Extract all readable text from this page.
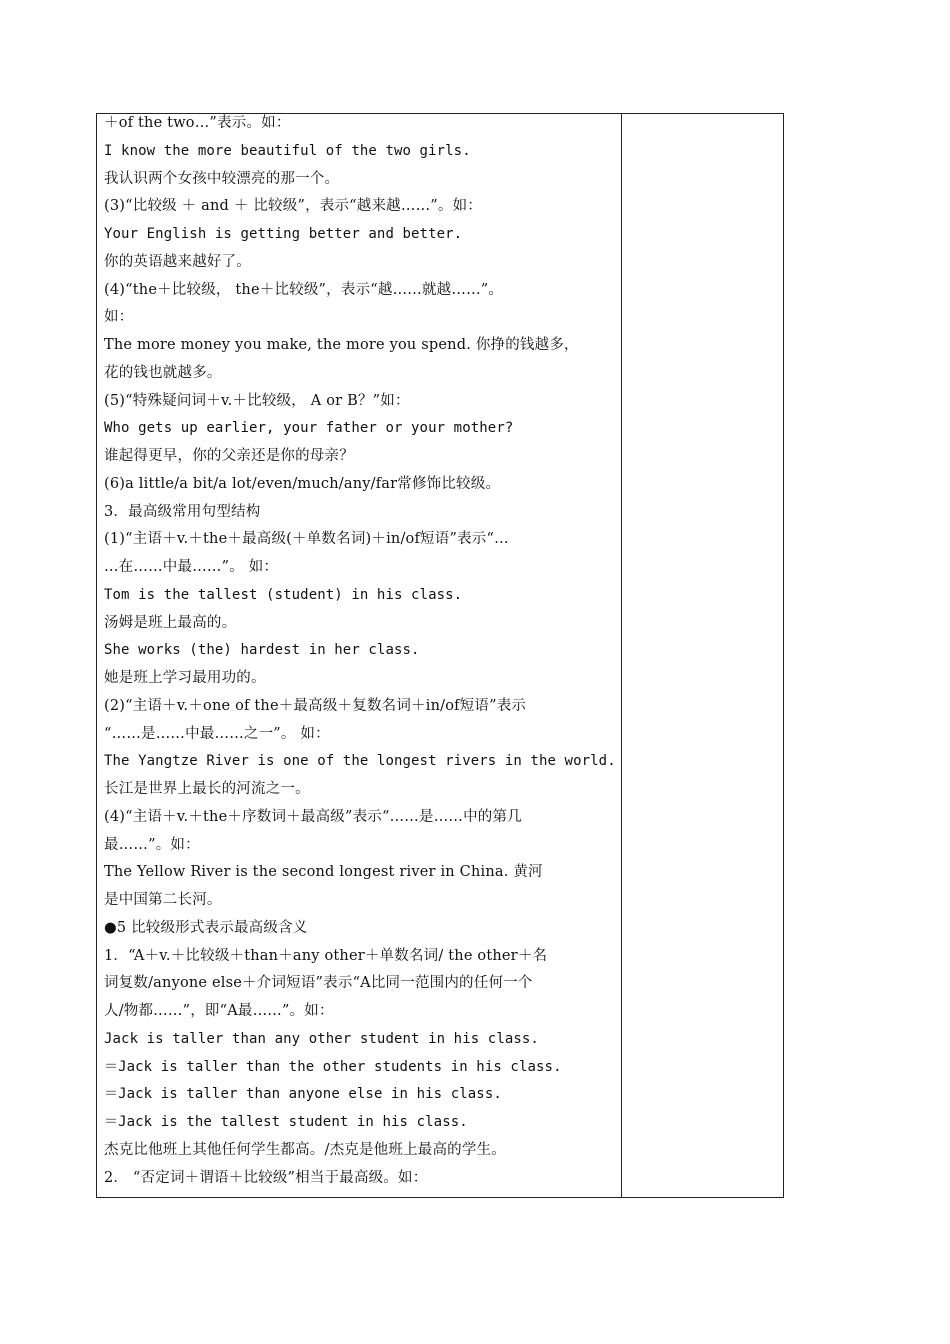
＋of the two…”表示。如：
I know the more beautiful of the two girls.
我认识两个女孩中较漂亮的那一个。
(3)“比较级 ＋ and ＋ 比较级”，表示“越来越……”。如：
Your English is getting better and better.
你的英语越来越好了。
(4)“the＋比较级， the＋比较级”，表示“越……就越……”。
如：
The more money you make, the more you spend. 你挣的钱越多，
花的钱也就越多。
(5)“特殊疑问词＋v.＋比较级， A or B？”如：
Who gets up earlier, your father or your mother?
谁起得更早，你的父亲还是你的母亲？
(6)a little/a bit/a lot/even/much/any/far常修饰比较级。
3．最高级常用句型结构
(1)“主语＋v.＋the＋最高级(＋单数名词)＋in/of短语”表示“…
…在……中最……”。 如：
Tom is the tallest (student) in his class.
汤姆是班上最高的。
She works (the) hardest in her class.
她是班上学习最用功的。
(2)“主语＋v.＋one of the＋最高级＋复数名词＋in/of短语”表示
“……是……中最……之一”。 如：
The Yangtze River is one of the longest rivers in the world.
长江是世界上最长的河流之一。
(4)“主语＋v.＋the＋序数词＋最高级”表示“……是……中的第几
最……”。如：
The Yellow River is the second longest river in China. 黄河
是中国第二长河。
●5 比较级形式表示最高级含义
1．“A＋v.＋比较级＋than＋any other＋单数名词/ the other＋名
词复数/anyone else＋介词短语”表示“A比同一范围内的任何一个
人/物都……”，即“A最……”。如：
Jack is taller than any other student in his class.
＝Jack is taller than the other students in his class.
＝Jack is taller than anyone else in his class.
＝Jack is the tallest student in his class.
杰克比他班上其他任何学生都高。/杰克是他班上最高的学生。
2． “否定词＋谓语＋比较级”相当于最高级。如：
